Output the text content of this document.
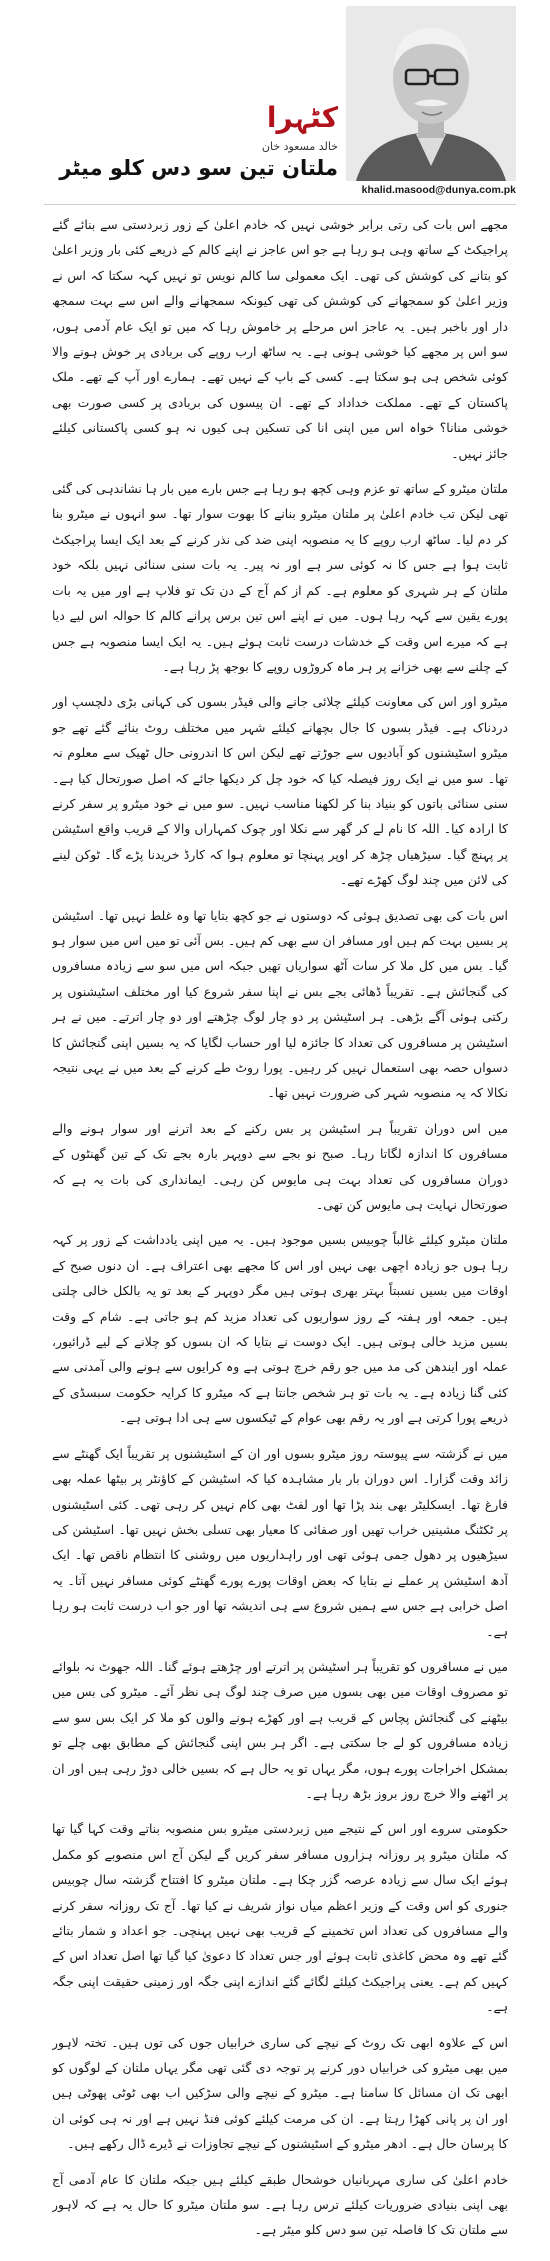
کٹہرا
خالد مسعود خان
ملتان تین سو دس کلو میٹر
khalid.masood@dunya.com.pk

مجھے اس بات کی رتی برابر خوشی نہیں کہ خادم اعلیٰ کے زور زبردستی سے بنائے گئے پراجیکٹ کے ساتھ وہی ہو رہا ہے جو اس عاجز نے اپنے کالم کے ذریعے کئی بار وزیر اعلیٰ کو بتانے کی کوشش کی تھی۔ ایک معمولی سا کالم نویس تو نہیں کہہ سکتا کہ اس نے وزیر اعلیٰ کو سمجھانے کی کوشش کی تھی کیونکہ سمجھانے والے اس سے بہت سمجھ دار اور باخبر ہیں۔ یہ عاجز اس مرحلے پر خاموش رہا کہ میں تو ایک عام آدمی ہوں، سو اس پر مجھے کیا خوشی ہونی ہے۔ یہ ساٹھ ارب روپے کی بربادی پر خوش ہونے والا کوئی شخص ہی ہو سکتا ہے۔ کسی کے باپ کے نہیں تھے۔ ہمارے اور آپ کے تھے۔ ملک پاکستان کے تھے۔ مملکت خداداد کے تھے۔ ان پیسوں کی بربادی پر کسی صورت بھی خوشی منانا؟ خواہ اس میں اپنی انا کی تسکین ہی کیوں نہ ہو کسی پاکستانی کیلئے جائز نہیں۔

ملتان میٹرو کے ساتھ تو عزم وہی کچھ ہو رہا ہے جس بارے میں بار ہا نشاندہی کی گئی تھی لیکن تب خادم اعلیٰ پر ملتان میٹرو بنانے کا بھوت سوار تھا۔ سو انہوں نے میٹرو بنا کر دم لیا۔ ساٹھ ارب روپے کا یہ منصوبہ اپنی ضد کی نذر کرنے کے بعد ایک ایسا پراجیکٹ ثابت ہوا ہے جس کا نہ کوئی سر ہے اور نہ پیر۔ یہ بات سنی سنائی نہیں بلکہ خود ملتان کے ہر شہری کو معلوم ہے۔ کم از کم آج کے دن تک تو فلاپ ہے اور میں یہ بات پورے یقین سے کہہ رہا ہوں۔ میں نے اپنے اس تین برس پرانے کالم کا حوالہ اس لیے دیا ہے کہ میرے اس وقت کے خدشات درست ثابت ہوئے ہیں۔ یہ ایک ایسا منصوبہ ہے جس کے چلنے سے بھی خزانے پر ہر ماہ کروڑوں روپے کا بوجھ پڑ رہا ہے۔

میٹرو اور اس کی معاونت کیلئے چلائی جانے والی فیڈر بسوں کی کہانی بڑی دلچسپ اور دردناک ہے۔ فیڈر بسوں کا جال بچھانے کیلئے شہر میں مختلف روٹ بنائے گئے تھے جو میٹرو اسٹیشنوں کو آبادیوں سے جوڑتے تھے لیکن اس کا اندرونی حال ٹھیک سے معلوم نہ تھا۔ سو میں نے ایک روز فیصلہ کیا کہ خود چل کر دیکھا جائے کہ اصل صورتحال کیا ہے۔ سنی سنائی باتوں کو بنیاد بنا کر لکھنا مناسب نہیں۔ سو میں نے خود میٹرو پر سفر کرنے کا ارادہ کیا۔ اللہ کا نام لے کر گھر سے نکلا اور چوک کمہاراں والا کے قریب واقع اسٹیشن پر پہنچ گیا۔ سیڑھیاں چڑھ کر اوپر پہنچا تو معلوم ہوا کہ کارڈ خریدنا پڑے گا۔ ٹوکن لینے کی لائن میں چند لوگ کھڑے تھے۔

اس بات کی بھی تصدیق ہوئی کہ دوستوں نے جو کچھ بتایا تھا وہ غلط نہیں تھا۔ اسٹیشن پر بسیں بہت کم ہیں اور مسافر ان سے بھی کم ہیں۔ بس آئی تو میں اس میں سوار ہو گیا۔ بس میں کل ملا کر سات آٹھ سواریاں تھیں جبکہ اس میں سو سے زیادہ مسافروں کی گنجائش ہے۔ تقریباً ڈھائی بجے بس نے اپنا سفر شروع کیا اور مختلف اسٹیشنوں پر رکتی ہوئی آگے بڑھی۔ ہر اسٹیشن پر دو چار لوگ چڑھتے اور دو چار اترتے۔ میں نے ہر اسٹیشن پر مسافروں کی تعداد کا جائزہ لیا اور حساب لگایا کہ یہ بسیں اپنی گنجائش کا دسواں حصہ بھی استعمال نہیں کر رہیں۔ پورا روٹ طے کرنے کے بعد میں نے یہی نتیجہ نکالا کہ یہ منصوبہ شہر کی ضرورت نہیں تھا۔

میں اس دوران تقریباً ہر اسٹیشن پر بس رکنے کے بعد اترنے اور سوار ہونے والے مسافروں کا اندازہ لگاتا رہا۔ صبح نو بجے سے دوپہر بارہ بجے تک کے تین گھنٹوں کے دوران مسافروں کی تعداد بہت ہی مایوس کن رہی۔ ایمانداری کی بات یہ ہے کہ صورتحال نہایت ہی مایوس کن تھی۔

ملتان میٹرو کیلئے غالباً چوبیس بسیں موجود ہیں۔ یہ میں اپنی یادداشت کے زور پر کہہ رہا ہوں جو زیادہ اچھی بھی نہیں اور اس کا مجھے بھی اعتراف ہے۔ ان دنوں صبح کے اوقات میں بسیں نسبتاً بہتر بھری ہوتی ہیں مگر دوپہر کے بعد تو یہ بالکل خالی چلتی ہیں۔ جمعہ اور ہفتہ کے روز سواریوں کی تعداد مزید کم ہو جاتی ہے۔ شام کے وقت بسیں مزید خالی ہوتی ہیں۔ ایک دوست نے بتایا کہ ان بسوں کو چلانے کے لیے ڈرائیور، عملہ اور ایندھن کی مد میں جو رقم خرچ ہوتی ہے وہ کرایوں سے ہونے والی آمدنی سے کئی گنا زیادہ ہے۔ یہ بات تو ہر شخص جانتا ہے کہ میٹرو کا کرایہ حکومت سبسڈی کے ذریعے پورا کرتی ہے اور یہ رقم بھی عوام کے ٹیکسوں سے ہی ادا ہوتی ہے۔

میں نے گزشتہ سے پیوستہ روز میٹرو بسوں اور ان کے اسٹیشنوں پر تقریباً ایک گھنٹے سے زائد وقت گزارا۔ اس دوران بار بار مشاہدہ کیا کہ اسٹیشن کے کاؤنٹر پر بیٹھا عملہ بھی فارغ تھا۔ ایسکلیٹر بھی بند پڑا تھا اور لفٹ بھی کام نہیں کر رہی تھی۔ کئی اسٹیشنوں پر ٹکٹنگ مشینیں خراب تھیں اور صفائی کا معیار بھی تسلی بخش نہیں تھا۔ اسٹیشن کی سیڑھیوں پر دھول جمی ہوئی تھی اور راہداریوں میں روشنی کا انتظام ناقص تھا۔ ایک آدھ اسٹیشن پر عملے نے بتایا کہ بعض اوقات پورے پورے گھنٹے کوئی مسافر نہیں آتا۔ یہ اصل خرابی ہے جس سے ہمیں شروع سے ہی اندیشہ تھا اور جو اب درست ثابت ہو رہا ہے۔

میں نے مسافروں کو تقریباً ہر اسٹیشن پر اترتے اور چڑھتے ہوئے گنا۔ اللہ جھوٹ نہ بلوائے تو مصروف اوقات میں بھی بسوں میں صرف چند لوگ ہی نظر آئے۔ میٹرو کی بس میں بیٹھنے کی گنجائش پچاس کے قریب ہے اور کھڑے ہونے والوں کو ملا کر ایک بس سو سے زیادہ مسافروں کو لے جا سکتی ہے۔ اگر ہر بس اپنی گنجائش کے مطابق بھی چلے تو بمشکل اخراجات پورے ہوں، مگر یہاں تو یہ حال ہے کہ بسیں خالی دوڑ رہی ہیں اور ان پر اٹھنے والا خرچ روز بروز بڑھ رہا ہے۔

حکومتی سروے اور اس کے نتیجے میں زبردستی میٹرو بس منصوبہ بناتے وقت کہا گیا تھا کہ ملتان میٹرو پر روزانہ ہزاروں مسافر سفر کریں گے لیکن آج اس منصوبے کو مکمل ہوئے ایک سال سے زیادہ عرصہ گزر چکا ہے۔ ملتان میٹرو کا افتتاح گزشتہ سال چوبیس جنوری کو اس وقت کے وزیر اعظم میاں نواز شریف نے کیا تھا۔ آج تک روزانہ سفر کرنے والے مسافروں کی تعداد اس تخمینے کے قریب بھی نہیں پہنچی۔ جو اعداد و شمار بتائے گئے تھے وہ محض کاغذی ثابت ہوئے اور جس تعداد کا دعویٰ کیا گیا تھا اصل تعداد اس کے کہیں کم ہے۔ یعنی پراجیکٹ کیلئے لگائے گئے اندازے اپنی جگہ اور زمینی حقیقت اپنی جگہ ہے۔

اس کے علاوہ ابھی تک روٹ کے نیچے کی ساری خرابیاں جوں کی توں ہیں۔ تختہ لاہور میں بھی میٹرو کی خرابیاں دور کرنے پر توجہ دی گئی تھی مگر یہاں ملتان کے لوگوں کو ابھی تک ان مسائل کا سامنا ہے۔ میٹرو کے نیچے والی سڑکیں اب بھی ٹوٹی پھوٹی ہیں اور ان پر پانی کھڑا رہتا ہے۔ ان کی مرمت کیلئے کوئی فنڈ نہیں ہے اور نہ ہی کوئی ان کا پرسان حال ہے۔ ادھر میٹرو کے اسٹیشنوں کے نیچے تجاوزات نے ڈیرے ڈال رکھے ہیں۔

خادم اعلیٰ کی ساری مہربانیاں خوشحال طبقے کیلئے ہیں جبکہ ملتان کا عام آدمی آج بھی اپنی بنیادی ضروریات کیلئے ترس رہا ہے۔ سو ملتان میٹرو کا حال یہ ہے کہ لاہور سے ملتان تک کا فاصلہ تین سو دس کلو میٹر ہے۔
